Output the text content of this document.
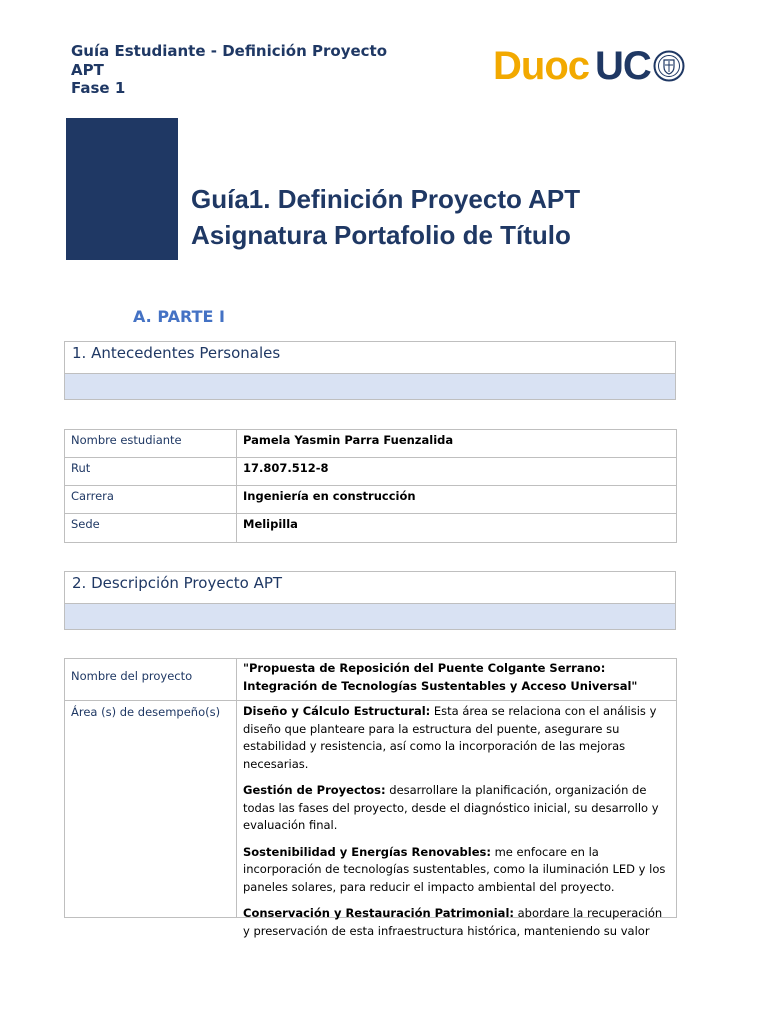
Guía Estudiante - Definición Proyecto
APT
Fase 1
Duoc UC
Guía1. Definición Proyecto APT
Asignatura Portafolio de Título
A. PARTE I
1. Antecedentes Personales
Nombre estudiante	Pamela Yasmin Parra Fuenzalida
Rut	17.807.512-8
Carrera	Ingeniería en construcción
Sede	Melipilla
2. Descripción Proyecto APT
Nombre del proyecto	"Propuesta de Reposición del Puente Colgante Serrano: Integración de Tecnologías Sustentables y Acceso Universal"
Área (s) de desempeño(s)	Diseño y Cálculo Estructural: Esta área se relaciona con el análisis y diseño que planteare para la estructura del puente, asegurare su estabilidad y resistencia, así como la incorporación de las mejoras necesarias.

Gestión de Proyectos: desarrollare la planificación, organización de todas las fases del proyecto, desde el diagnóstico inicial, su desarrollo y evaluación final.

Sostenibilidad y Energías Renovables: me enfocare en la incorporación de tecnologías sustentables, como la iluminación LED y los paneles solares, para reducir el impacto ambiental del proyecto.

Conservación y Restauración Patrimonial: abordare la recuperación y preservación de esta infraestructura histórica, manteniendo su valor
